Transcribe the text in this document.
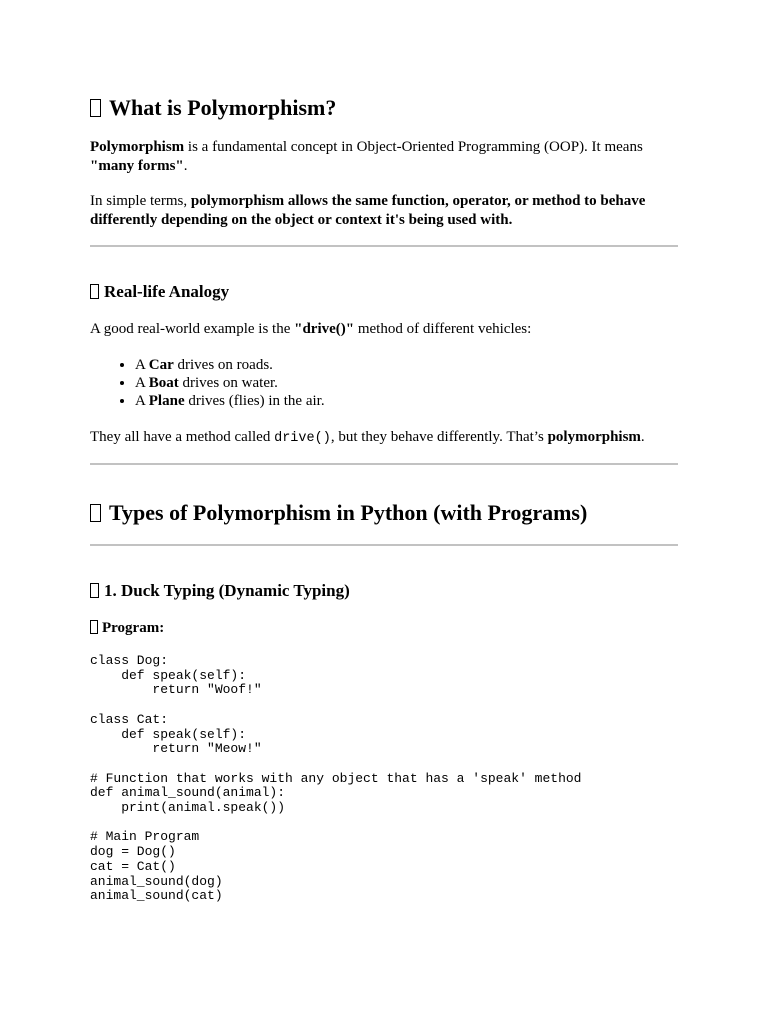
What is Polymorphism?

Polymorphism is a fundamental concept in Object-Oriented Programming (OOP). It means "many forms".

In simple terms, polymorphism allows the same function, operator, or method to behave differently depending on the object or context it's being used with.

Real-life Analogy

A good real-world example is the "drive()" method of different vehicles:

• A Car drives on roads.
• A Boat drives on water.
• A Plane drives (flies) in the air.

They all have a method called drive(), but they behave differently. That’s polymorphism.

Types of Polymorphism in Python (with Programs)
1. Duck Typing (Dynamic Typing)
Program:
class Dog:
def speak(self):
return "Woof!"

class Cat:
def speak(self):
return "Meow!"

# Function that works with any object that has a 'speak' method
def animal_sound(animal):
print(animal.speak())

# Main Program
dog = Dog()
cat = Cat()
animal_sound(dog)
animal_sound(cat)
